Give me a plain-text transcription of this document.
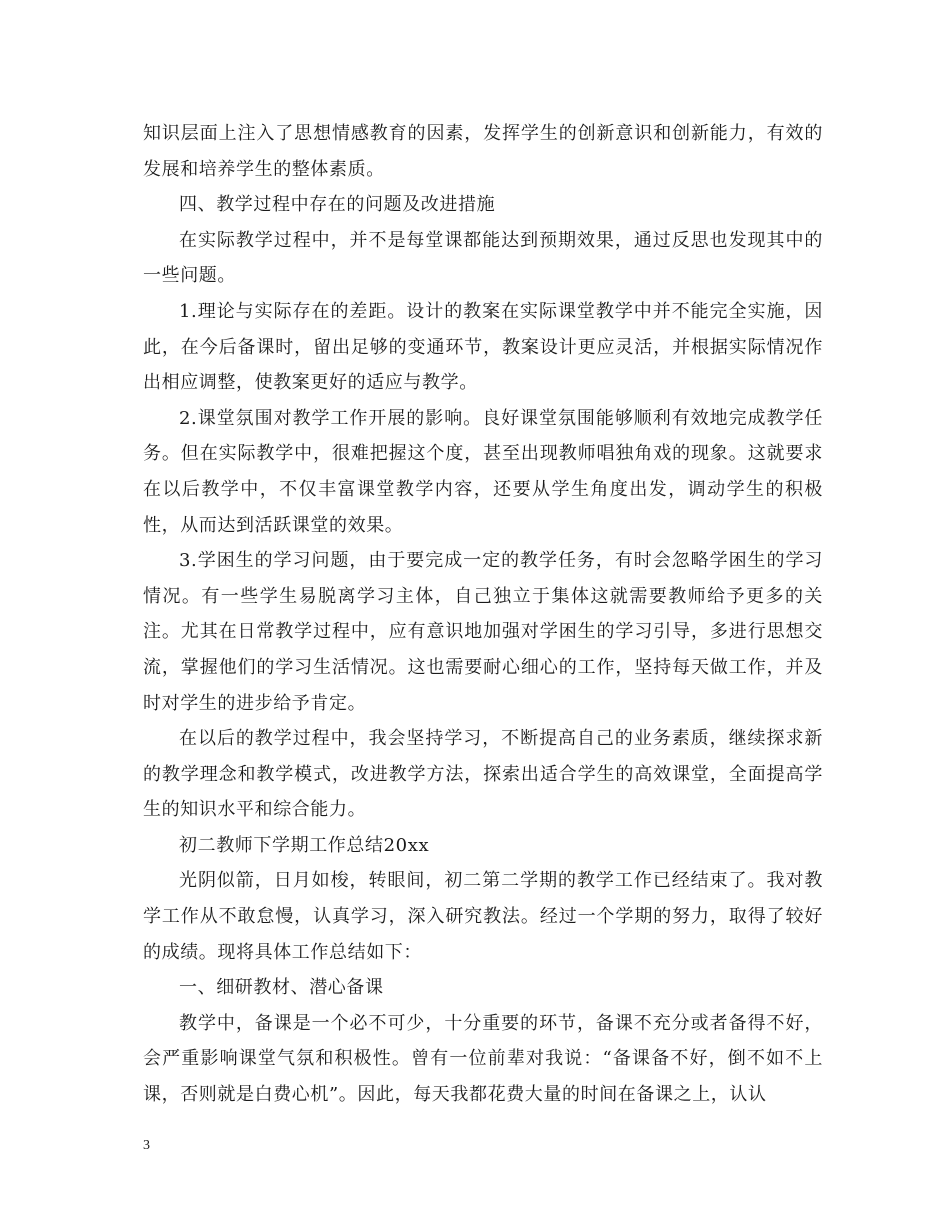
知识层面上注入了思想情感教育的因素，发挥学生的创新意识和创新能力，有效的发展和培养学生的整体素质。

四、教学过程中存在的问题及改进措施

在实际教学过程中，并不是每堂课都能达到预期效果，通过反思也发现其中的一些问题。

1.理论与实际存在的差距。设计的教案在实际课堂教学中并不能完全实施，因此，在今后备课时，留出足够的变通环节，教案设计更应灵活，并根据实际情况作出相应调整，使教案更好的适应与教学。

2.课堂氛围对教学工作开展的影响。良好课堂氛围能够顺利有效地完成教学任务。但在实际教学中，很难把握这个度，甚至出现教师唱独角戏的现象。这就要求在以后教学中，不仅丰富课堂教学内容，还要从学生角度出发，调动学生的积极性，从而达到活跃课堂的效果。

3.学困生的学习问题，由于要完成一定的教学任务，有时会忽略学困生的学习情况。有一些学生易脱离学习主体，自己独立于集体这就需要教师给予更多的关注。尤其在日常教学过程中，应有意识地加强对学困生的学习引导，多进行思想交流，掌握他们的学习生活情况。这也需要耐心细心的工作，坚持每天做工作，并及时对学生的进步给予肯定。

在以后的教学过程中，我会坚持学习，不断提高自己的业务素质，继续探求新的教学理念和教学模式，改进教学方法，探索出适合学生的高效课堂，全面提高学生的知识水平和综合能力。

初二教师下学期工作总结20xx

光阴似箭，日月如梭，转眼间，初二第二学期的教学工作已经结束了。我对教学工作从不敢怠慢，认真学习，深入研究教法。经过一个学期的努力，取得了较好的成绩。现将具体工作总结如下：

一、细研教材、潜心备课

教学中，备课是一个必不可少，十分重要的环节，备课不充分或者备得不好，会严重影响课堂气氛和积极性。曾有一位前辈对我说：“备课备不好，倒不如不上课，否则就是白费心机”。因此，每天我都花费大量的时间在备课之上，认认

3
